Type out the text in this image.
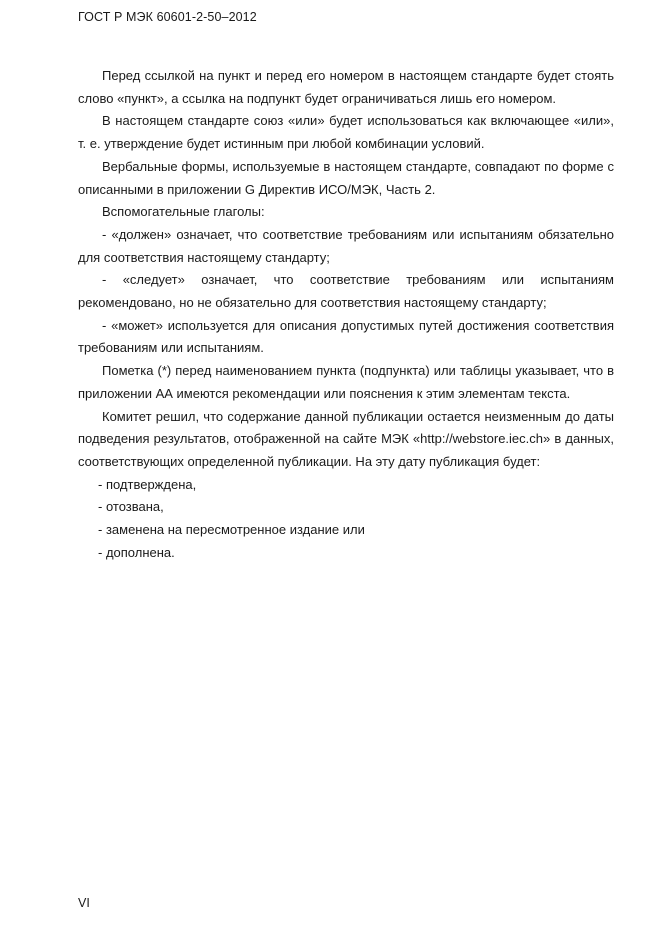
ГОСТ Р МЭК 60601-2-50–2012

Перед ссылкой на пункт и перед его номером в настоящем стандарте будет стоять слово «пункт», а ссылка на подпункт будет ограничиваться лишь его номером.

В настоящем стандарте союз «или» будет использоваться как включающее «или», т. е. утверждение будет истинным при любой комбинации условий.

Вербальные формы, используемые в настоящем стандарте, совпадают по форме с описанными в приложении G Директив ИСО/МЭК, Часть 2.

Вспомогательные глаголы:

- «должен» означает, что соответствие требованиям или испытаниям обязательно для соответствия настоящему стандарту;

- «следует» означает, что соответствие требованиям или испытаниям рекомендовано, но не обязательно для соответствия настоящему стандарту;

- «может» используется для описания допустимых путей достижения соответствия требованиям или испытаниям.

Пометка (*) перед наименованием пункта (подпункта) или таблицы указывает, что в приложении АА имеются рекомендации или пояснения к этим элементам текста.

Комитет решил, что содержание данной публикации остается неизменным до даты подведения результатов, отображенной на сайте МЭК «http://webstore.iec.ch» в данных, соответствующих определенной публикации. На эту дату публикация будет:

- подтверждена,
- отозвана,
- заменена на пересмотренное издание или
- дополнена.
VI
